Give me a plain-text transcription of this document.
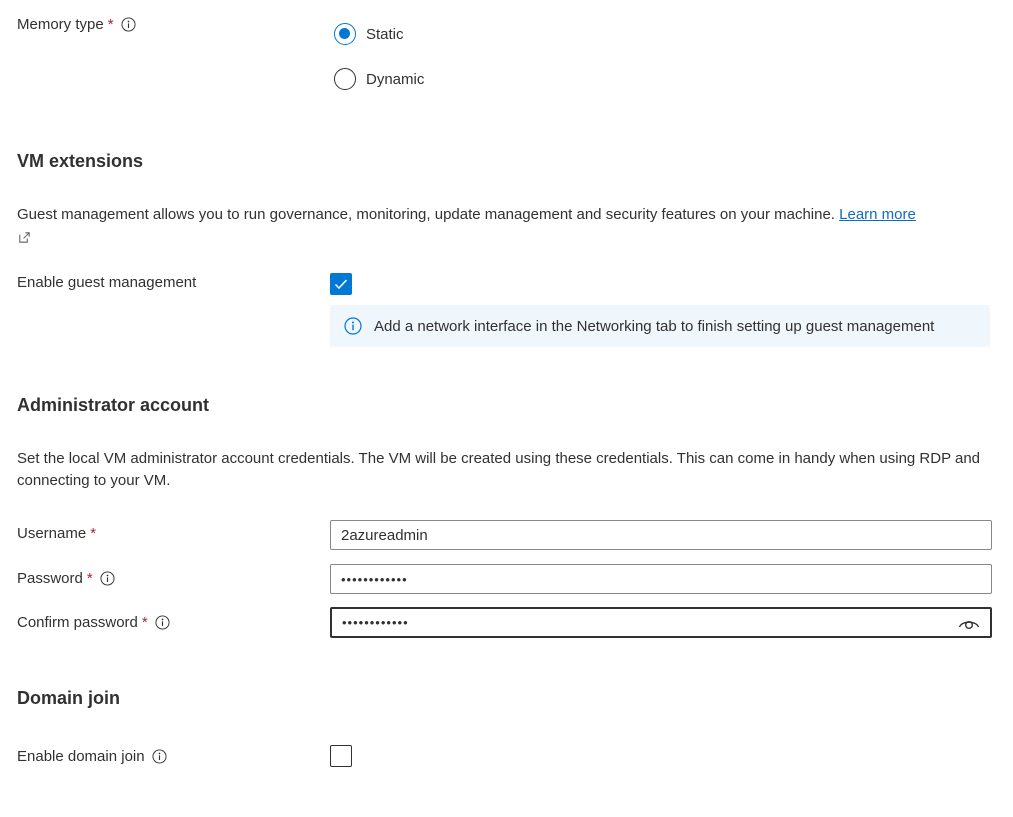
Memory type *
Static
Dynamic
VM extensions
Guest management allows you to run governance, monitoring, update management and security features on your machine. Learn more

Enable guest management
Add a network interface in the Networking tab to finish setting up guest management
Administrator account
Set the local VM administrator account credentials. The VM will be created using these credentials. This can come in handy when using RDP and connecting to your VM.
Username *	2azureadmin
Password *	••••••••••••
Confirm password *	••••••••••••
Domain join
Enable domain join
